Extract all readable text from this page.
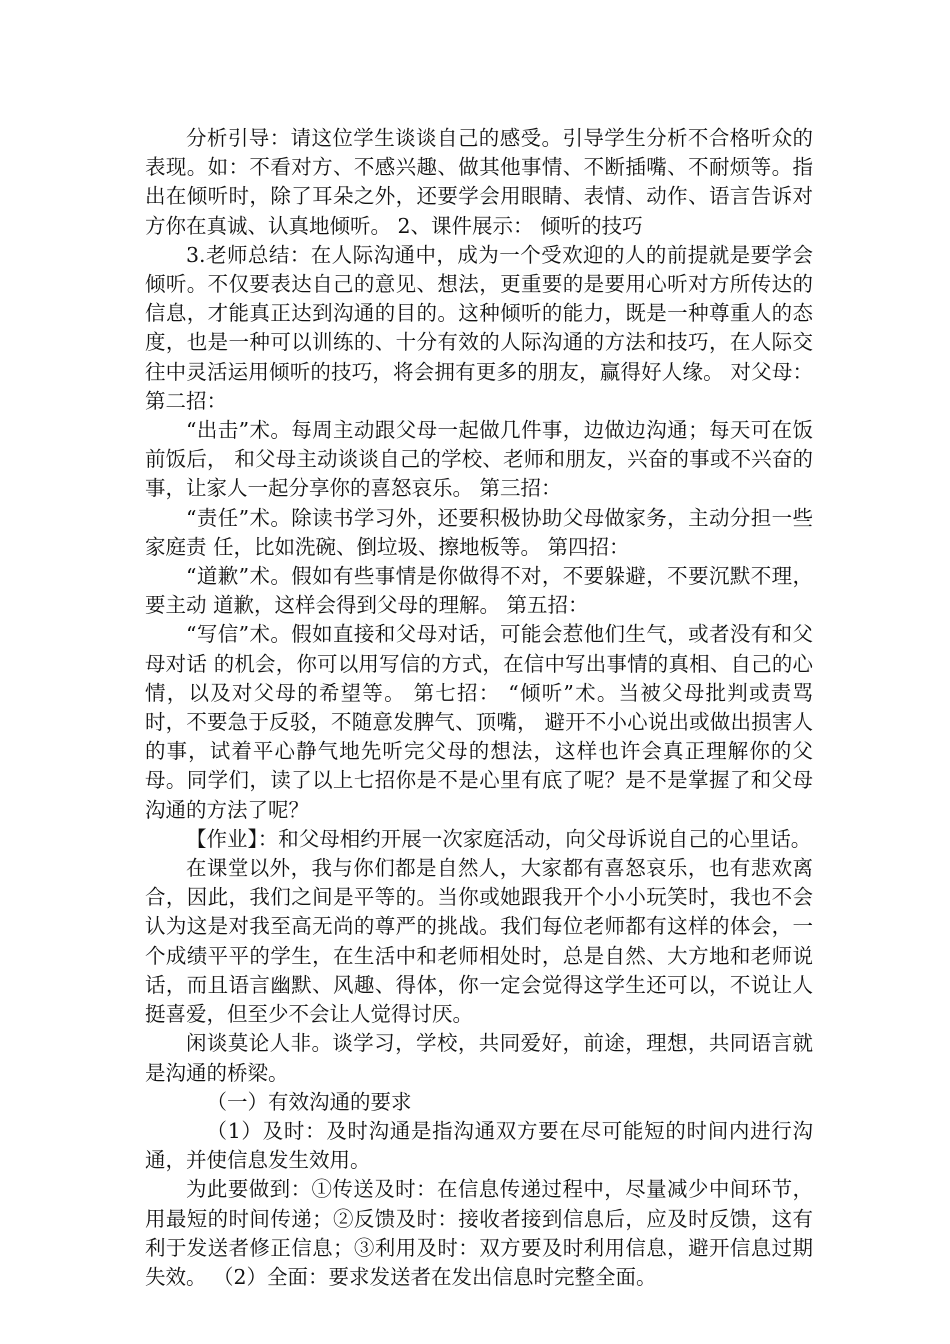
分析引导：请这位学生谈谈自己的感受。引导学生分析不合格听众的表现。如：不看对方、不感兴趣、做其他事情、不断插嘴、不耐烦等。指出在倾听时，除了耳朵之外，还要学会用眼睛、表情、动作、语言告诉对方你在真诚、认真地倾听。 2、课件展示： 倾听的技巧

3.老师总结：在人际沟通中，成为一个受欢迎的人的前提就是要学会倾听。不仅要表达自己的意见、想法，更重要的是要用心听对方所传达的信息，才能真正达到沟通的目的。这种倾听的能力，既是一种尊重人的态度，也是一种可以训练的、十分有效的人际沟通的方法和技巧，在人际交往中灵活运用倾听的技巧，将会拥有更多的朋友，赢得好人缘。 对父母： 第二招：

“出击”术。每周主动跟父母一起做几件事，边做边沟通；每天可在饭前饭后， 和父母主动谈谈自己的学校、老师和朋友，兴奋的事或不兴奋的事，让家人一起分享你的喜怒哀乐。 第三招：

“责任”术。除读书学习外，还要积极协助父母做家务，主动分担一些家庭责 任，比如洗碗、倒垃圾、擦地板等。 第四招：

“道歉”术。假如有些事情是你做得不对，不要躲避，不要沉默不理，要主动 道歉，这样会得到父母的理解。 第五招：

“写信”术。假如直接和父母对话，可能会惹他们生气，或者没有和父母对话 的机会，你可以用写信的方式，在信中写出事情的真相、自己的心情，以及对父母的希望等。 第七招： “倾听”术。当被父母批判或责骂时，不要急于反驳，不随意发脾气、顶嘴， 避开不小心说出或做出损害人的事，试着平心静气地先听完父母的想法，这样也许会真正理解你的父母。同学们，读了以上七招你是不是心里有底了呢？是不是掌握了和父母沟通的方法了呢？

【作业】：和父母相约开展一次家庭活动，向父母诉说自己的心里话。

在课堂以外，我与你们都是自然人，大家都有喜怒哀乐，也有悲欢离合，因此，我们之间是平等的。当你或她跟我开个小小玩笑时，我也不会认为这是对我至高无尚的尊严的挑战。我们每位老师都有这样的体会，一个成绩平平的学生，在生活中和老师相处时，总是自然、大方地和老师说话，而且语言幽默、风趣、得体，你一定会觉得这学生还可以，不说让人挺喜爱，但至少不会让人觉得讨厌。

闲谈莫论人非。谈学习，学校，共同爱好，前途，理想，共同语言就是沟通的桥梁。

（一）有效沟通的要求

（1）及时：及时沟通是指沟通双方要在尽可能短的时间内进行沟通，并使信息发生效用。

为此要做到：①传送及时：在信息传递过程中，尽量减少中间环节，用最短的时间传递；②反馈及时：接收者接到信息后，应及时反馈，这有利于发送者修正信息；③利用及时：双方要及时利用信息，避开信息过期失效。 （2）全面：要求发送者在发出信息时完整全面。
